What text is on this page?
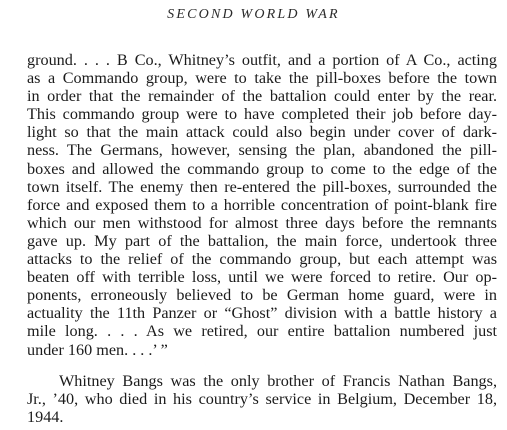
SECOND WORLD WAR
ground. . . . B Co., Whitney’s outfit, and a portion of A Co., acting
as a Commando group, were to take the pill-boxes before the town
in order that the remainder of the battalion could enter by the rear.
This commando group were to have completed their job before day-
light so that the main attack could also begin under cover of dark-
ness. The Germans, however, sensing the plan, abandoned the pill-
boxes and allowed the commando group to come to the edge of the
town itself. The enemy then re-entered the pill-boxes, surrounded the
force and exposed them to a horrible concentration of point-blank fire
which our men withstood for almost three days before the remnants
gave up. My part of the battalion, the main force, undertook three
attacks to the relief of the commando group, but each attempt was
beaten off with terrible loss, until we were forced to retire. Our op-
ponents, erroneously believed to be German home guard, were in
actuality the 11th Panzer or “Ghost” division with a battle history a
mile long. . . . As we retired, our entire battalion numbered just
under 160 men. . . .’ ”
Whitney Bangs was the only brother of Francis Nathan Bangs,
Jr., ’40, who died in his country’s service in Belgium, December 18,
1944.
